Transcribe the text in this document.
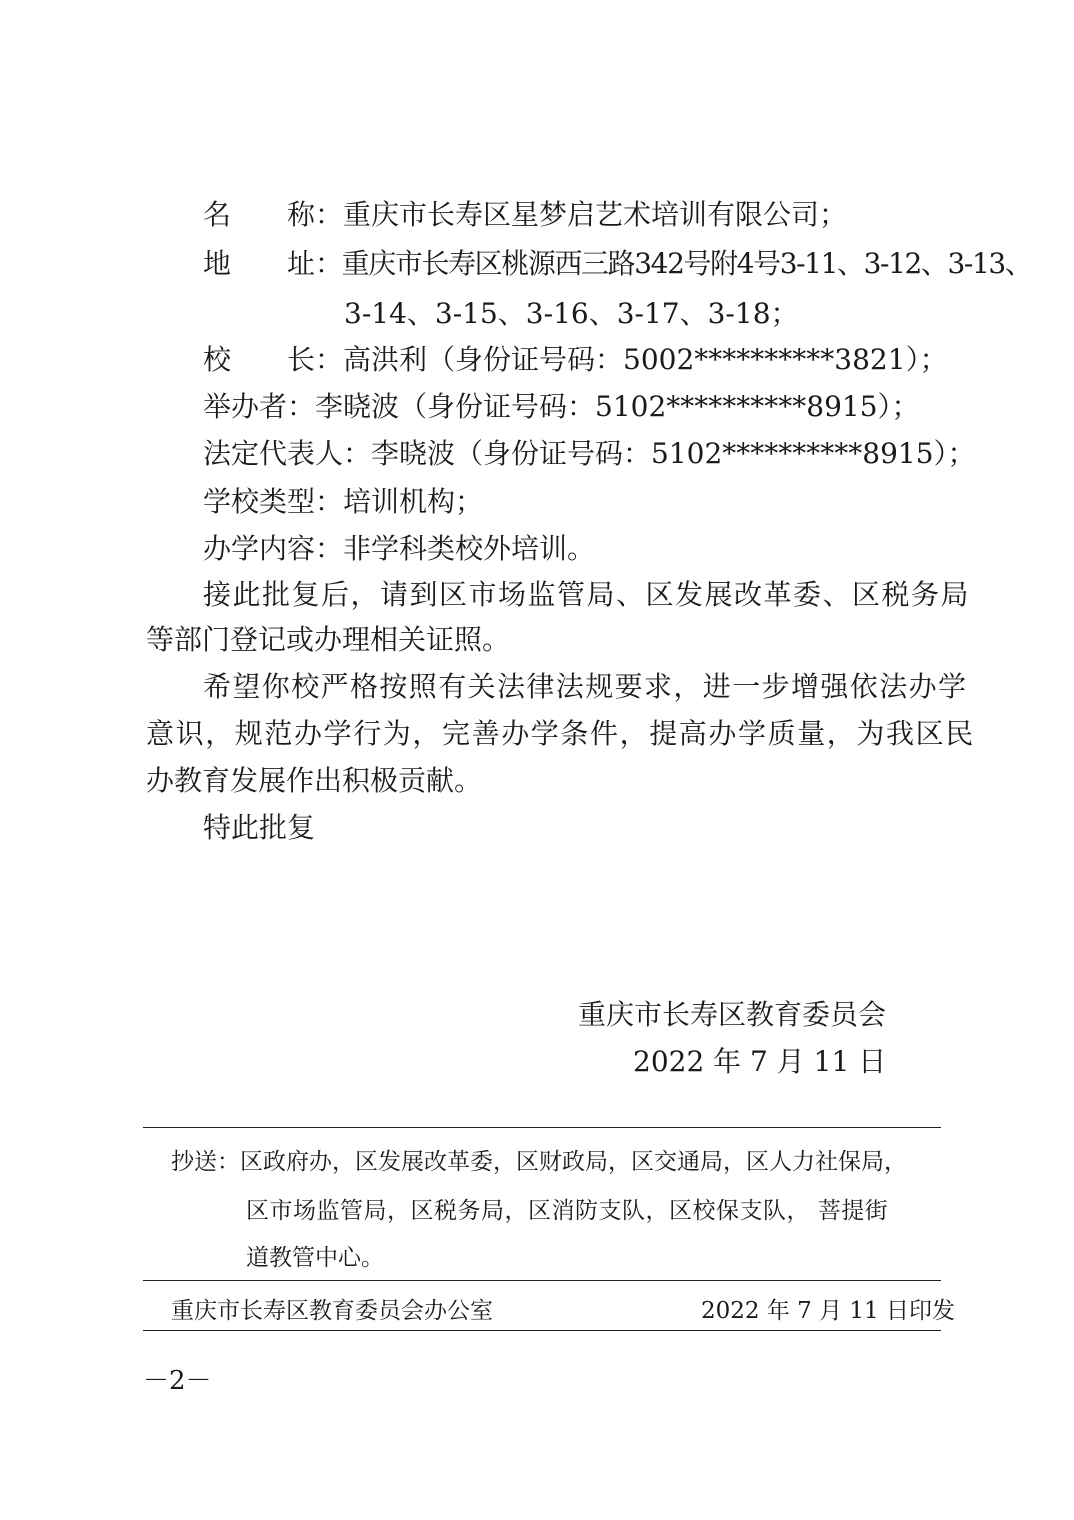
名 称：重庆市长寿区星梦启艺术培训有限公司；
地 址：重庆市长寿区桃源西三路342号附4号3-11、3-12、3-13、
3-14、3-15、3-16、3-17、3-18；
校 长：高洪利（身份证号码：5002**********3821）；
举办者：李晓波（身份证号码：5102**********8915）；
法定代表人：李晓波（身份证号码：5102**********8915）；
学校类型：培训机构；
办学内容：非学科类校外培训。
接此批复后，请到区市场监管局、区发展改革委、区税务局
等部门登记或办理相关证照。
希望你校严格按照有关法律法规要求，进一步增强依法办学
意识，规范办学行为，完善办学条件，提高办学质量，为我区民
办教育发展作出积极贡献。
特此批复
重庆市长寿区教育委员会
2022 年 7 月 11 日
抄送：区政府办，区发展改革委，区财政局，区交通局，区人力社保局，
区市场监管局，区税务局，区消防支队，区校保支队， 菩提街
道教管中心。
重庆市长寿区教育委员会办公室	2022 年 7 月 11 日印发
－2－
